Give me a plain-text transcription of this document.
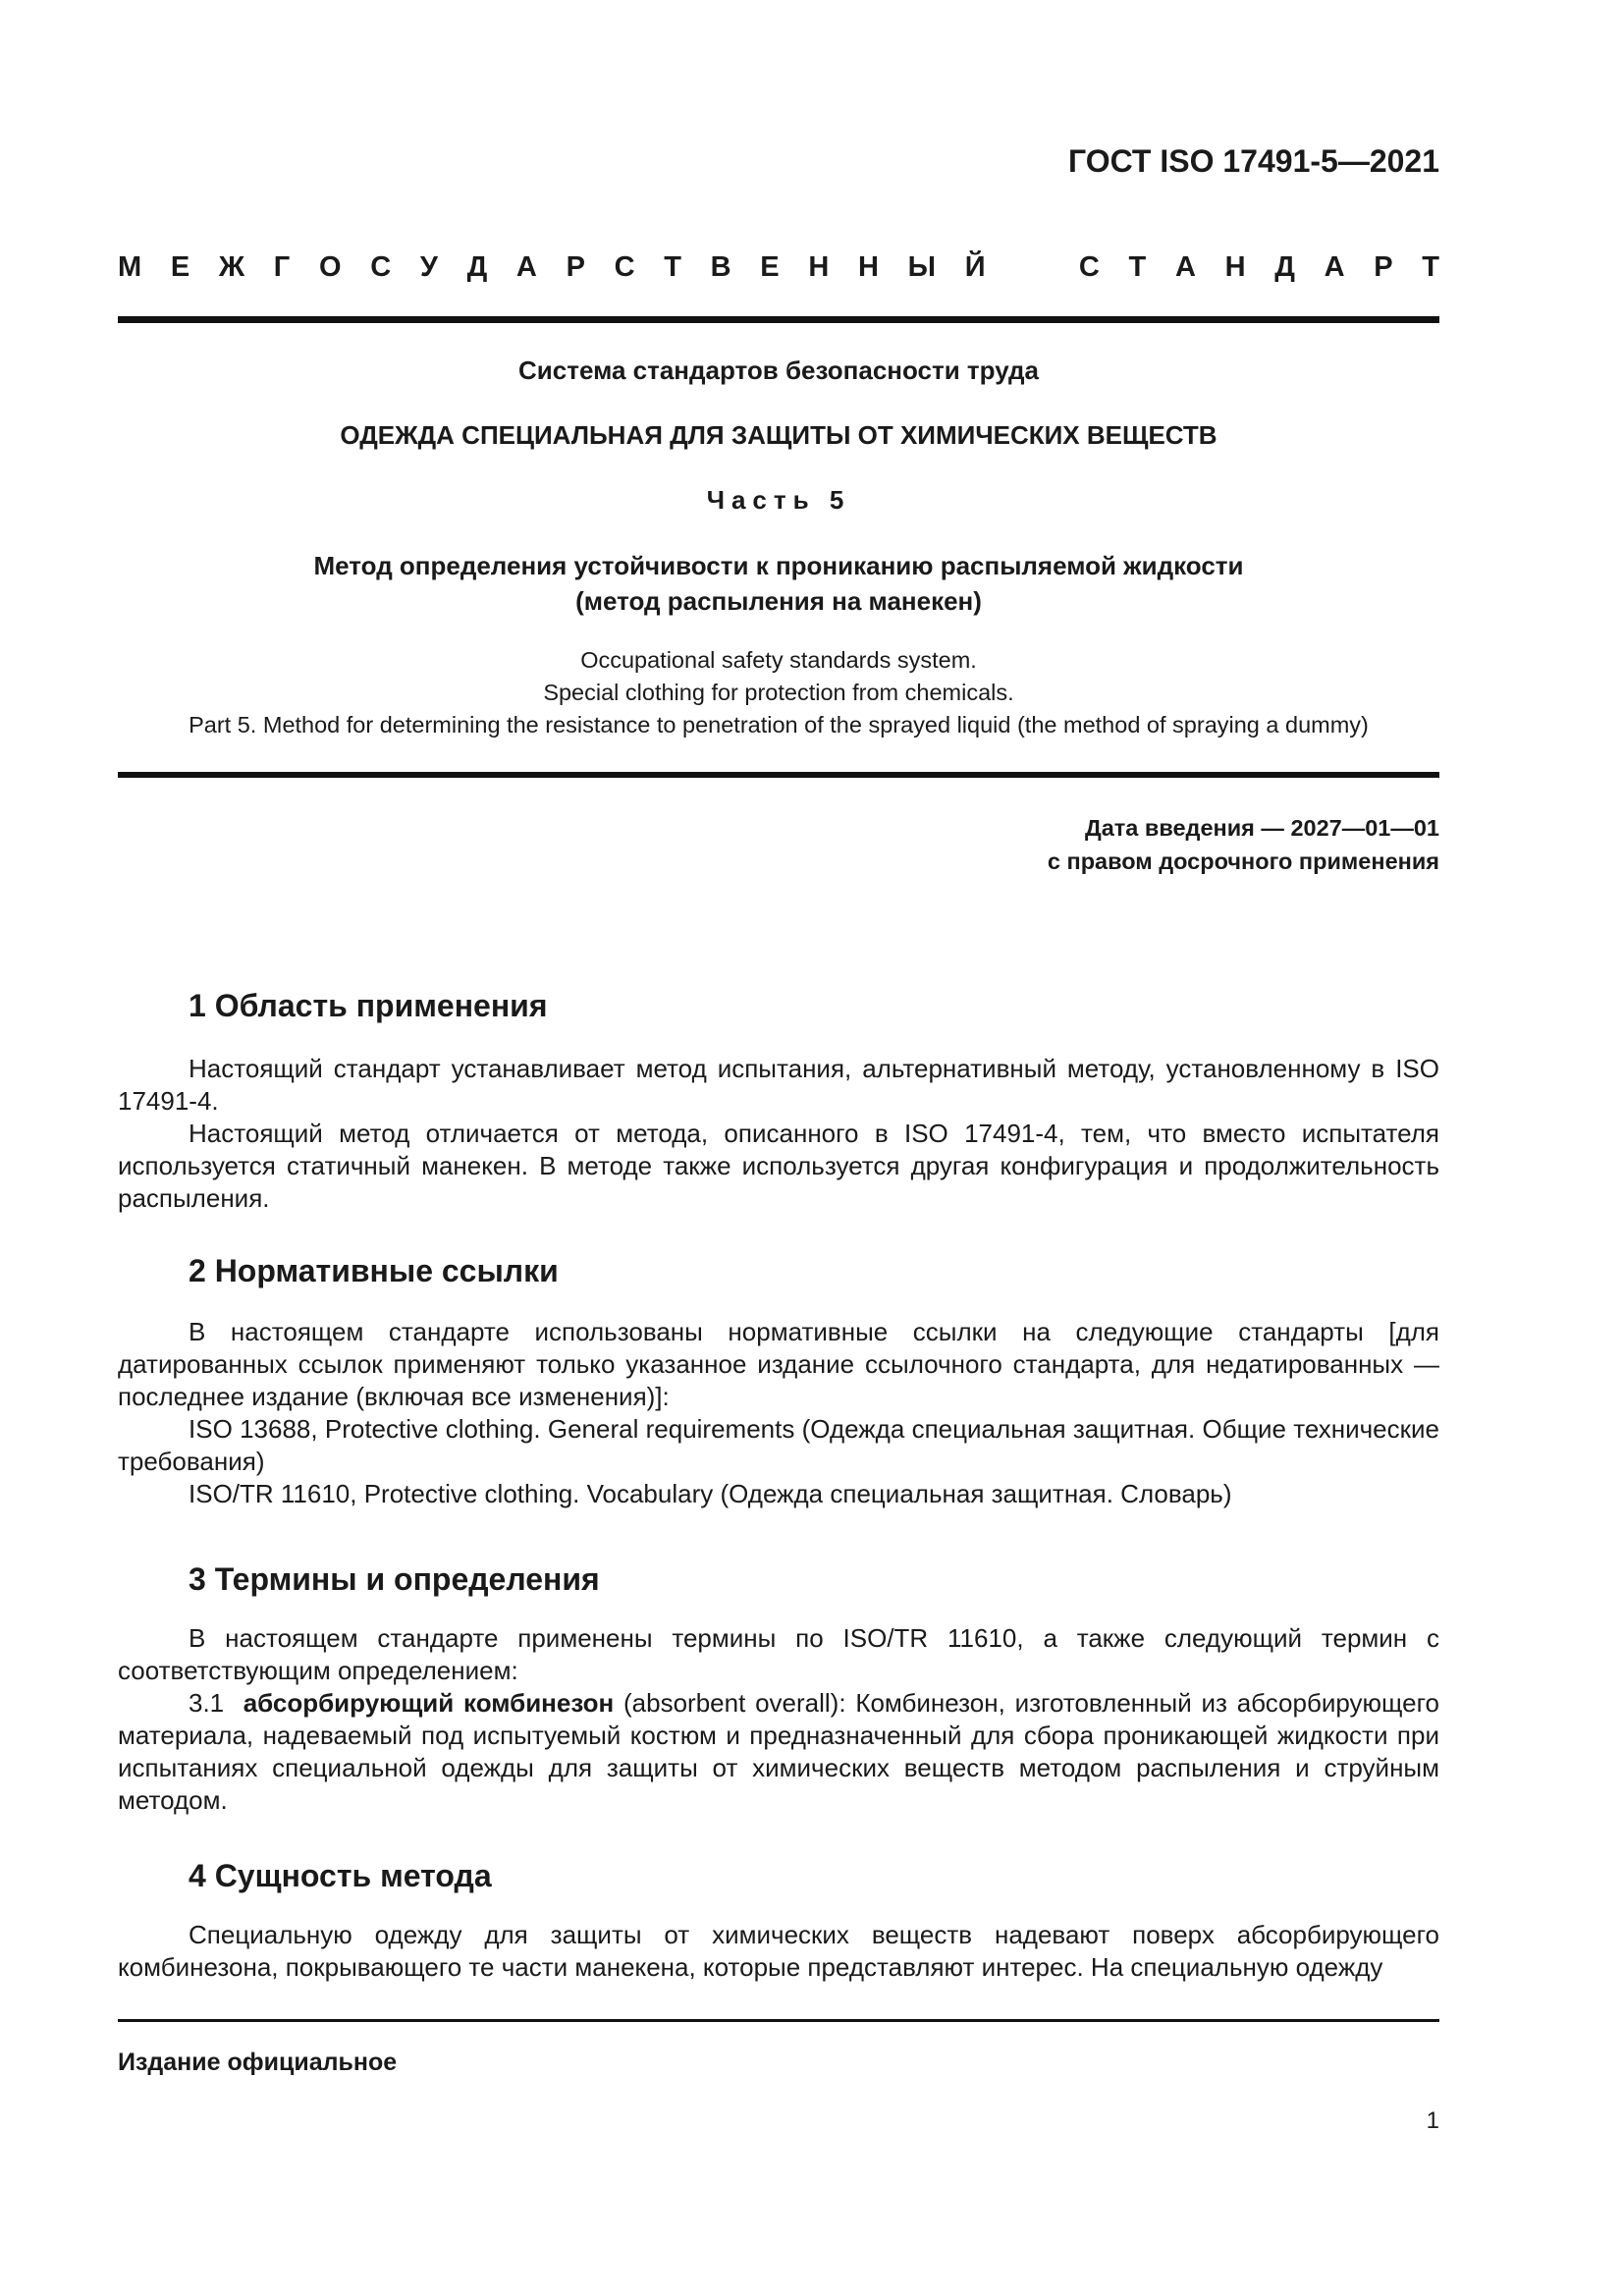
ГОСТ ISO 17491-5—2021
М Е Ж Г О С У Д А Р С Т В Е Н Н Ы Й	С Т А Н Д А Р Т
Система стандартов безопасности труда
ОДЕЖДА СПЕЦИАЛЬНАЯ ДЛЯ ЗАЩИТЫ ОТ ХИМИЧЕСКИХ ВЕЩЕСТВ
Часть 5
Метод определения устойчивости к прониканию распыляемой жидкости
(метод распыления на манекен)
Occupational safety standards system.
Special clothing for protection from chemicals.
Part 5. Method for determining the resistance to penetration of the sprayed liquid (the method of spraying a dummy)
Дата введения — 2027—01—01
с правом досрочного применения
1 Область применения

Настоящий стандарт устанавливает метод испытания, альтернативный методу, установленному в ISO 17491-4.

Настоящий метод отличается от метода, описанного в ISO 17491-4, тем, что вместо испытателя используется статичный манекен. В методе также используется другая конфигурация и продолжительность распыления.

2 Нормативные ссылки

В настоящем стандарте использованы нормативные ссылки на следующие стандарты [для датированных ссылок применяют только указанное издание ссылочного стандарта, для недатированных — последнее издание (включая все изменения)]:

ISO 13688, Protective clothing. General requirements (Одежда специальная защитная. Общие технические требования)

ISO/TR 11610, Protective clothing. Vocabulary (Одежда специальная защитная. Словарь)

3 Термины и определения

В настоящем стандарте применены термины по ISO/TR 11610, а также следующий термин с соответствующим определением:

3.1 абсорбирующий комбинезон (absorbent overall): Комбинезон, изготовленный из абсорбирующего материала, надеваемый под испытуемый костюм и предназначенный для сбора проникающей жидкости при испытаниях специальной одежды для защиты от химических веществ методом распыления и струйным методом.

4 Сущность метода

Специальную одежду для защиты от химических веществ надевают поверх абсорбирующего комбинезона, покрывающего те части манекена, которые представляют интерес. На специальную одежду

Издание официальное
1
